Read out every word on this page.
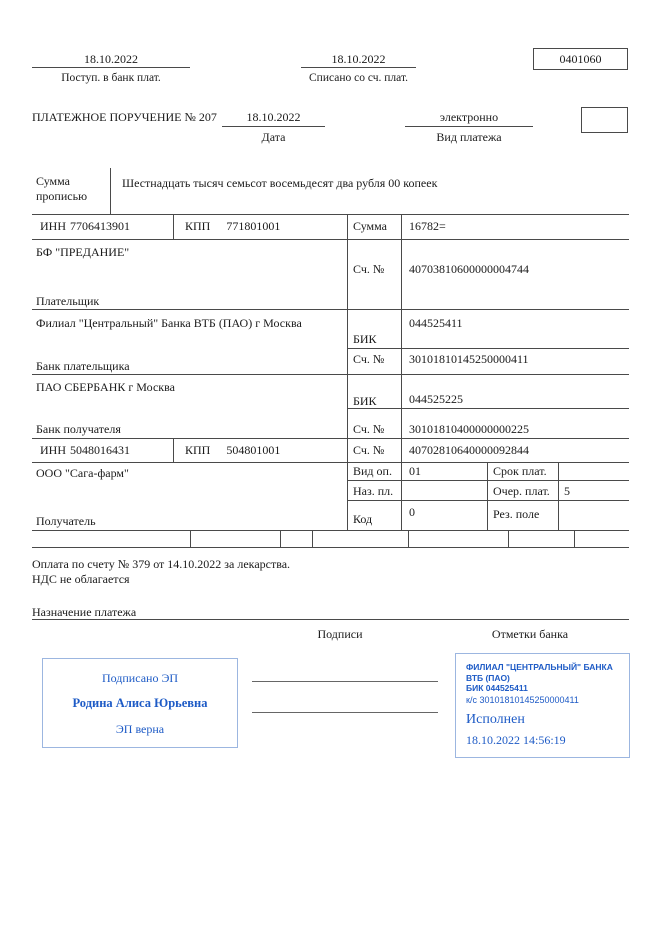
18.10.2022
Поступ. в банк плат.
18.10.2022
Списано со сч. плат.
0401060
ПЛАТЕЖНОЕ ПОРУЧЕНИЕ № 207	18.10.2022
Дата
электронно
Вид платежа
Сумма
прописью
Шестнадцать тысяч семьсот восемьдесят два рубля 00 копеек
ИНН 7706413901	КПП 771801001	Сумма 16782=
БФ "ПРЕДАНИЕ"
Сч. № 40703810600000004744
Плательщик
Филиал "Центральный" Банка ВТБ (ПАО) г Москва	044525411
БИК
Сч. № 30101810145250000411
Банк плательщика
ПАО СБЕРБАНК г Москва
044525225
БИК
Сч. № 30101810400000000225
Банк получателя
ИНН 5048016431	КПП 504801001	Сч. № 40702810640000092844
ООО "Сага-фарм"	Вид оп. 01	Срок плат.
Наз. пл.	Очер. плат. 5
Код	0	Рез. поле
Получатель
Оплата по счету № 379 от 14.10.2022 за лекарства.
НДС не облагается
Назначение платежа
Подписи	Отметки банка
Подписано ЭП
Родина Алиса Юрьевна
ЭП верна
ФИЛИАЛ "ЦЕНТРАЛЬНЫЙ" БАНКА
ВТБ (ПАО)
БИК 044525411
к/с 30101810145250000411
Исполнен
18.10.2022 14:56:19
